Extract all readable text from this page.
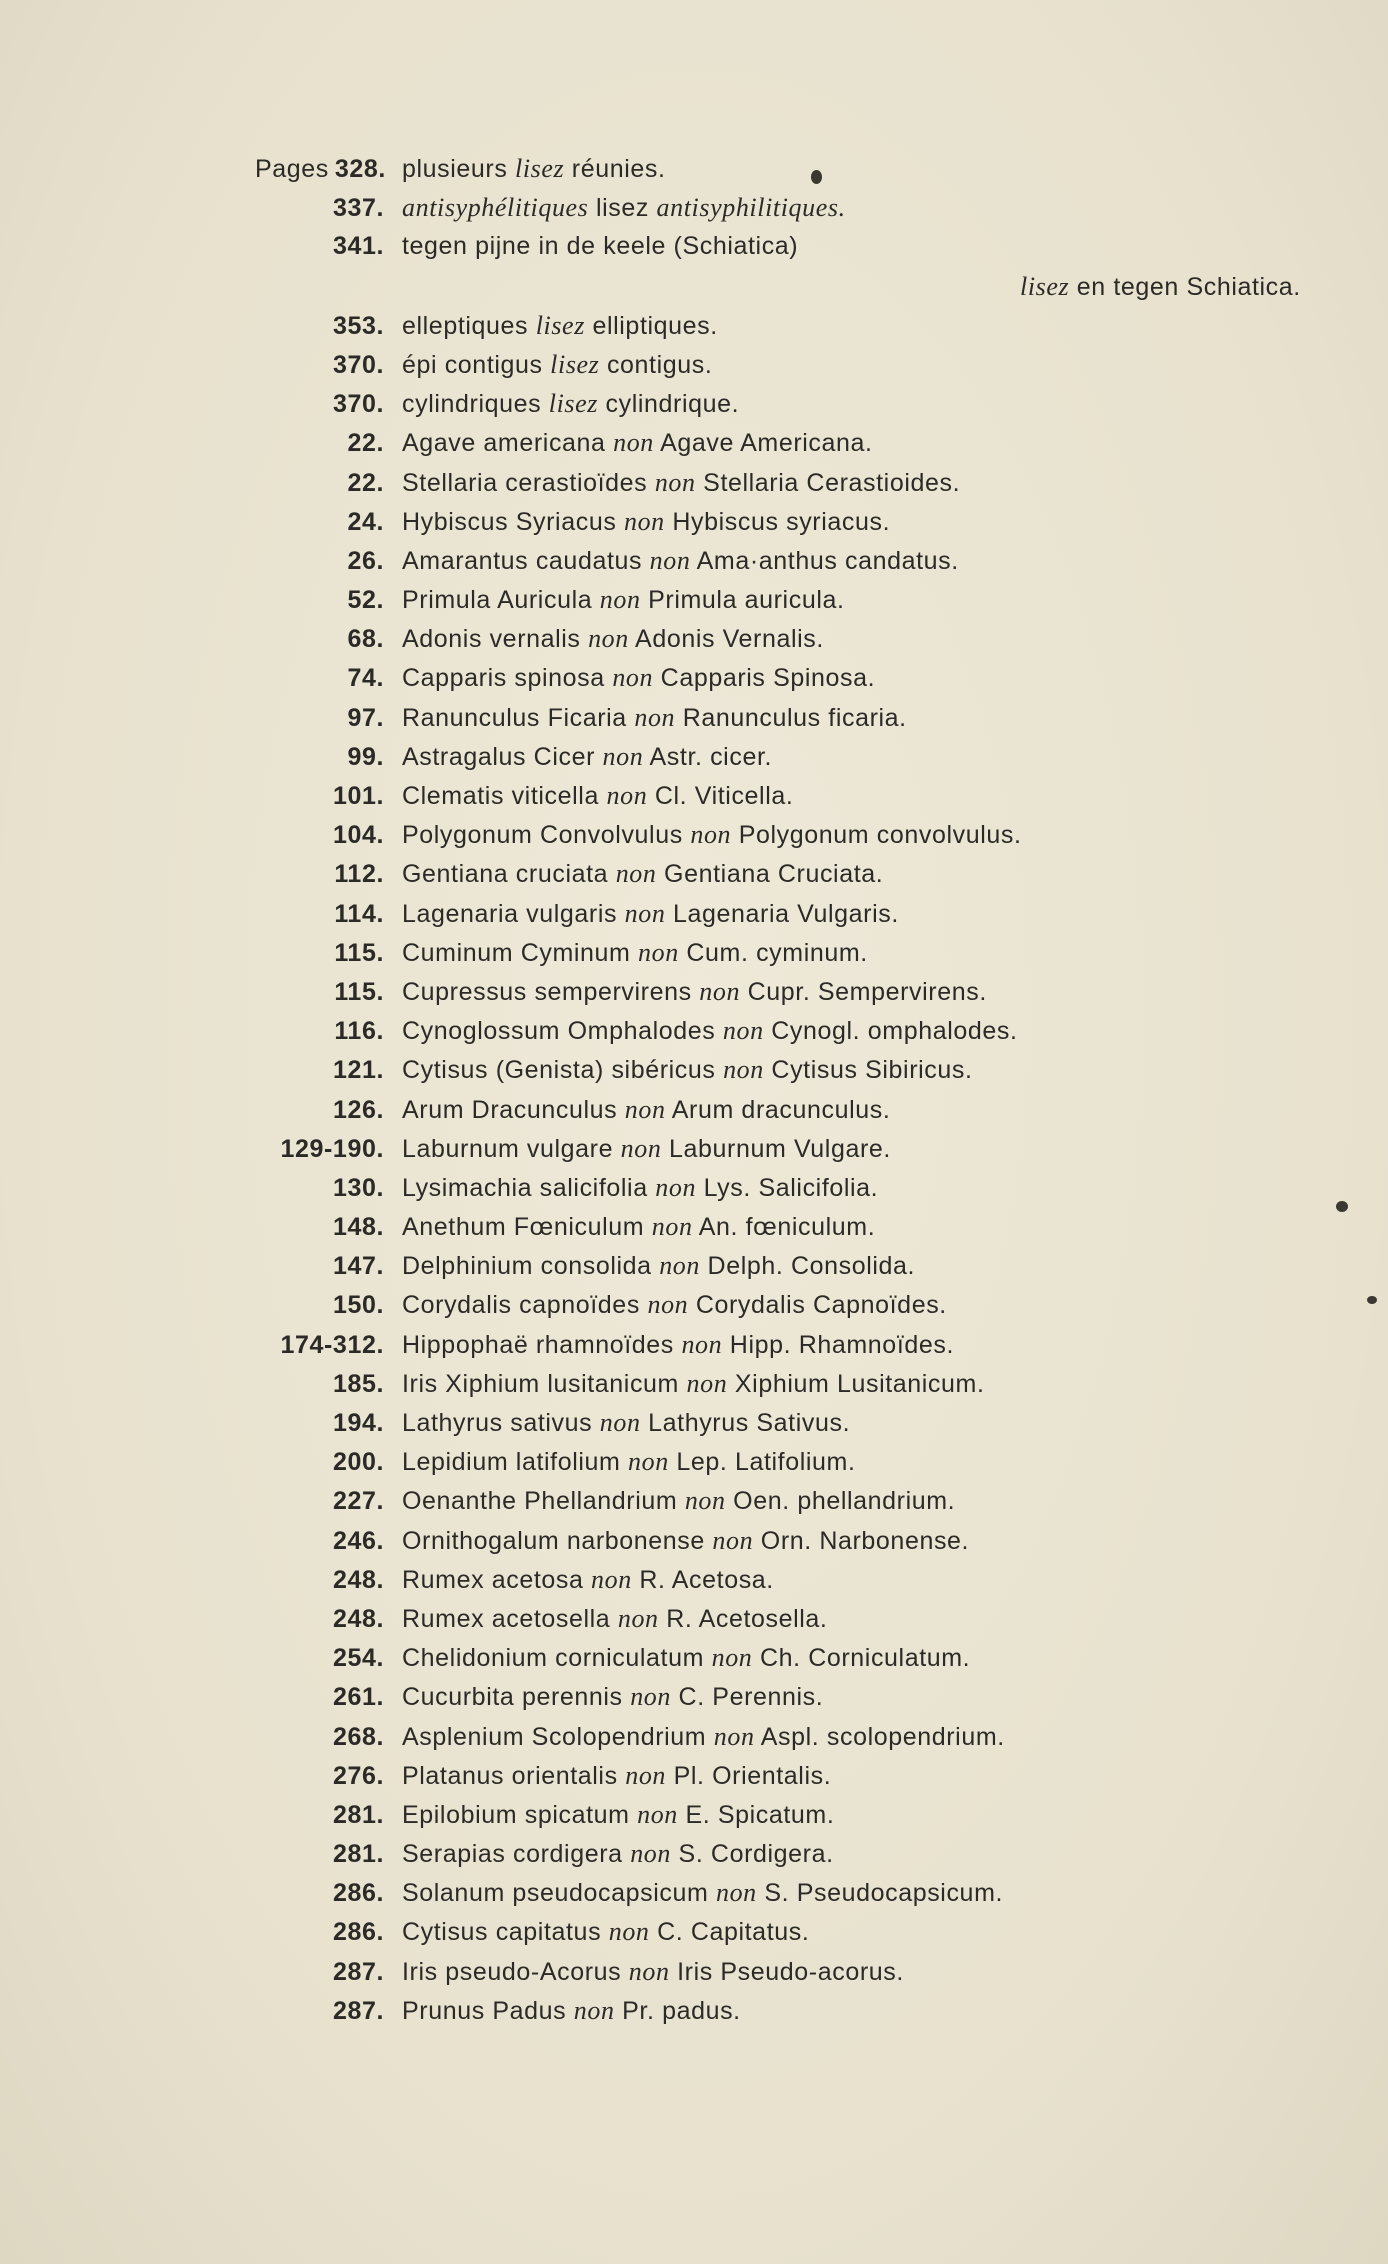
Pages 328. plusieurs lisez réunies.
337. antisyphélitiques lisez antisyphilitiques.
341. tegen pijne in de keele (Schiatica)
lisez en tegen Schiatica.
353. elleptiques lisez elliptiques.
370. épi contigus lisez contigus.
370. cylindriques lisez cylindrique.
22. Agave americana non Agave Americana.
22. Stellaria cerastioïdes non Stellaria Cerastioides.
24. Hybiscus Syriacus non Hybiscus syriacus.
26. Amarantus caudatus non Ama·anthus candatus.
52. Primula Auricula non Primula auricula.
68. Adonis vernalis non Adonis Vernalis.
74. Capparis spinosa non Capparis Spinosa.
97. Ranunculus Ficaria non Ranunculus ficaria.
99. Astragalus Cicer non Astr. cicer.
101. Clematis viticella non Cl. Viticella.
104. Polygonum Convolvulus non Polygonum convolvulus.
112. Gentiana cruciata non Gentiana Cruciata.
114. Lagenaria vulgaris non Lagenaria Vulgaris.
115. Cuminum Cyminum non Cum. cyminum.
115. Cupressus sempervirens non Cupr. Sempervirens.
116. Cynoglossum Omphalodes non Cynogl. omphalodes.
121. Cytisus (Genista) sibéricus non Cytisus Sibiricus.
126. Arum Dracunculus non Arum dracunculus.
129-190. Laburnum vulgare non Laburnum Vulgare.
130. Lysimachia salicifolia non Lys. Salicifolia.
148. Anethum Fœniculum non An. fœniculum.
147. Delphinium consolida non Delph. Consolida.
150. Corydalis capnoïdes non Corydalis Capnoïdes.
174-312. Hippophaë rhamnoïdes non Hipp. Rhamnoïdes.
185. Iris Xiphium lusitanicum non Xiphium Lusitanicum.
194. Lathyrus sativus non Lathyrus Sativus.
200. Lepidium latifolium non Lep. Latifolium.
227. Oenanthe Phellandrium non Oen. phellandrium.
246. Ornithogalum narbonense non Orn. Narbonense.
248. Rumex acetosa non R. Acetosa.
248. Rumex acetosella non R. Acetosella.
254. Chelidonium corniculatum non Ch. Corniculatum.
261. Cucurbita perennis non C. Perennis.
268. Asplenium Scolopendrium non Aspl. scolopendrium.
276. Platanus orientalis non Pl. Orientalis.
281. Epilobium spicatum non E. Spicatum.
281. Serapias cordigera non S. Cordigera.
286. Solanum pseudocapsicum non S. Pseudocapsicum.
286. Cytisus capitatus non C. Capitatus.
287. Iris pseudo-Acorus non Iris Pseudo-acorus.
287. Prunus Padus non Pr. padus.
